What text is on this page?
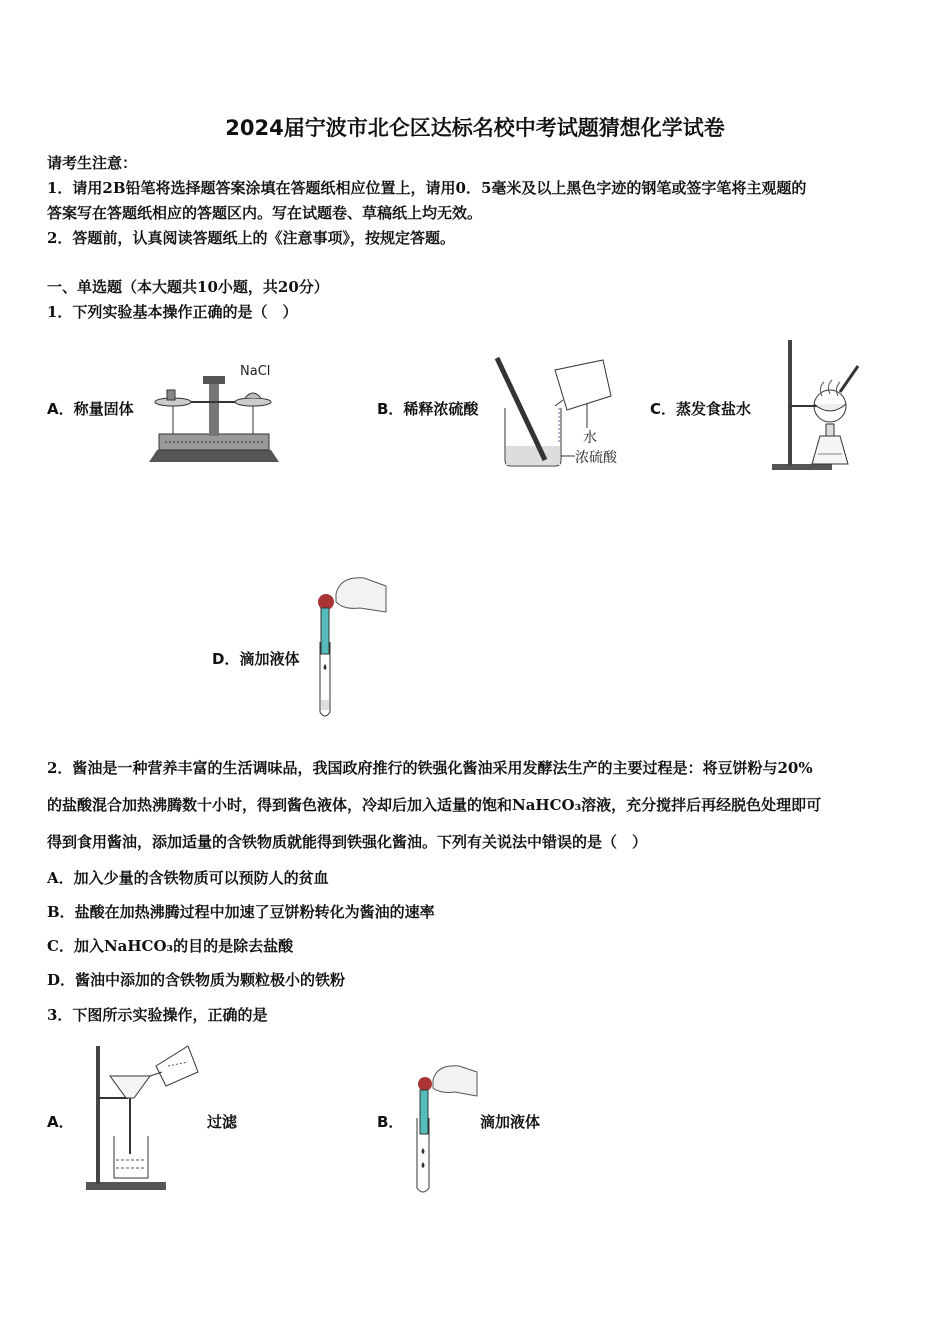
2024届宁波市北仑区达标名校中考试题猜想化学试卷
请考生注意：
1．请用2B铅笔将选择题答案涂填在答题纸相应位置上，请用0．5毫米及以上黑色字迹的钢笔或签字笔将主观题的
答案写在答题纸相应的答题区内。写在试题卷、草稿纸上均无效。
2．答题前，认真阅读答题纸上的《注意事项》，按规定答题。
一、单选题（本大题共10小题，共20分）
1．下列实验基本操作正确的是（　）
A．称量固体	B．稀释浓硫酸	C．蒸发食盐水
D．滴加液体
NaCl
水
浓硫酸
2．酱油是一种营养丰富的生活调味品，我国政府推行的铁强化酱油采用发酵法生产的主要过程是：将豆饼粉与20%
的盐酸混合加热沸腾数十小时，得到酱色液体，冷却后加入适量的饱和NaHCO₃溶液，充分搅拌后再经脱色处理即可
得到食用酱油，添加适量的含铁物质就能得到铁强化酱油。下列有关说法中错误的是（　）
A．加入少量的含铁物质可以预防人的贫血
B．盐酸在加热沸腾过程中加速了豆饼粉转化为酱油的速率
C．加入NaHCO₃的目的是除去盐酸
D．酱油中添加的含铁物质为颗粒极小的铁粉
3．下图所示实验操作，正确的是
A．	过滤	B．	滴加液体
